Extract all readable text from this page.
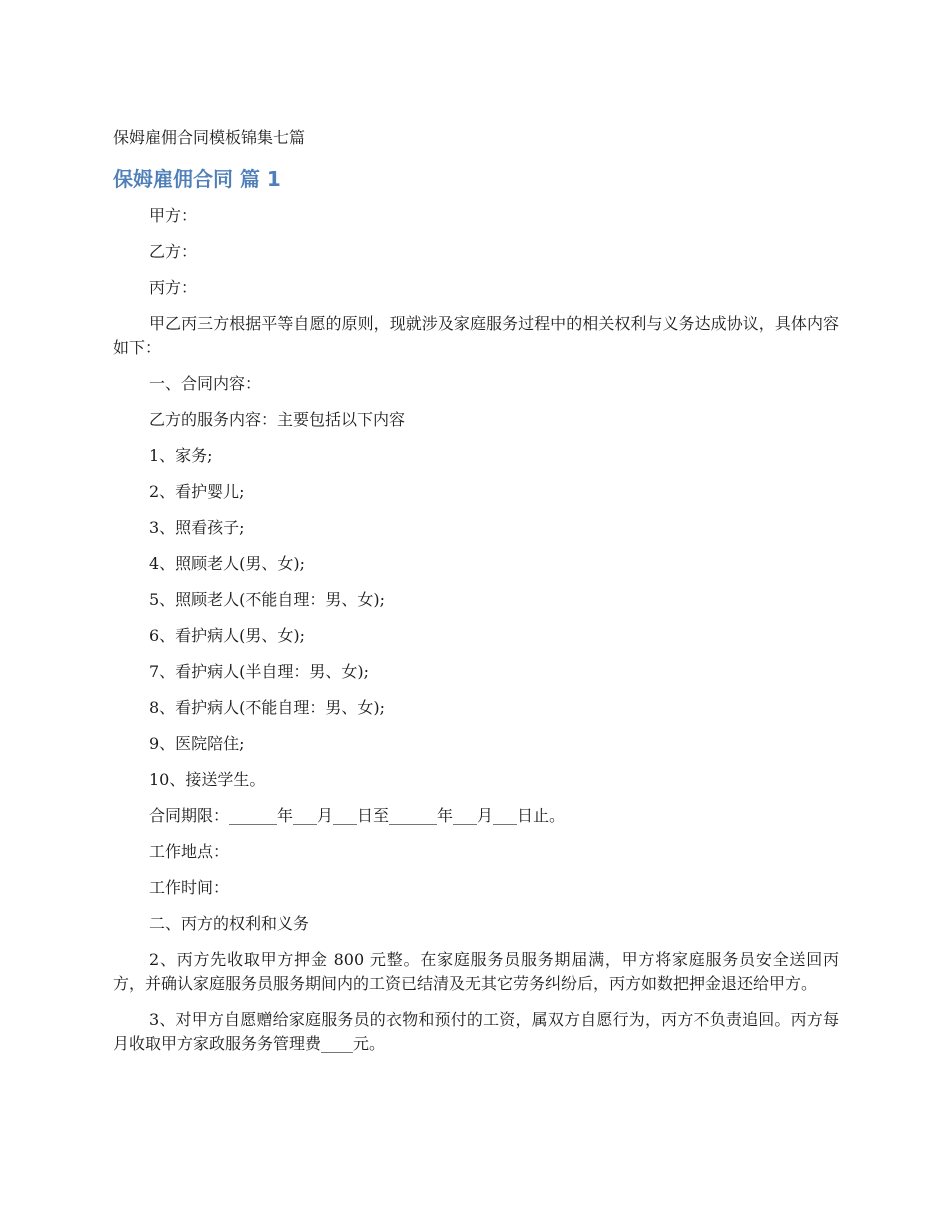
保姆雇佣合同模板锦集七篇

保姆雇佣合同 篇 1

甲方：

乙方：

丙方：

甲乙丙三方根据平等自愿的原则，现就涉及家庭服务过程中的相关权利与义务达成协议，具体内容如下：

一、合同内容：

乙方的服务内容：主要包括以下内容

1、家务;

2、看护婴儿;

3、照看孩子;

4、照顾老人(男、女);

5、照顾老人(不能自理：男、女);

6、看护病人(男、女);

7、看护病人(半自理：男、女);

8、看护病人(不能自理：男、女);

9、医院陪住;

10、接送学生。

合同期限：______年___月___日至______年___月___日止。

工作地点：

工作时间：

二、丙方的权利和义务

2、丙方先收取甲方押金 800 元整。在家庭服务员服务期届满，甲方将家庭服务员安全送回丙方，并确认家庭服务员服务期间内的工资已结清及无其它劳务纠纷后，丙方如数把押金退还给甲方。

3、对甲方自愿赠给家庭服务员的衣物和预付的工资，属双方自愿行为，丙方不负责追回。丙方每月收取甲方家政服务务管理费____元。
